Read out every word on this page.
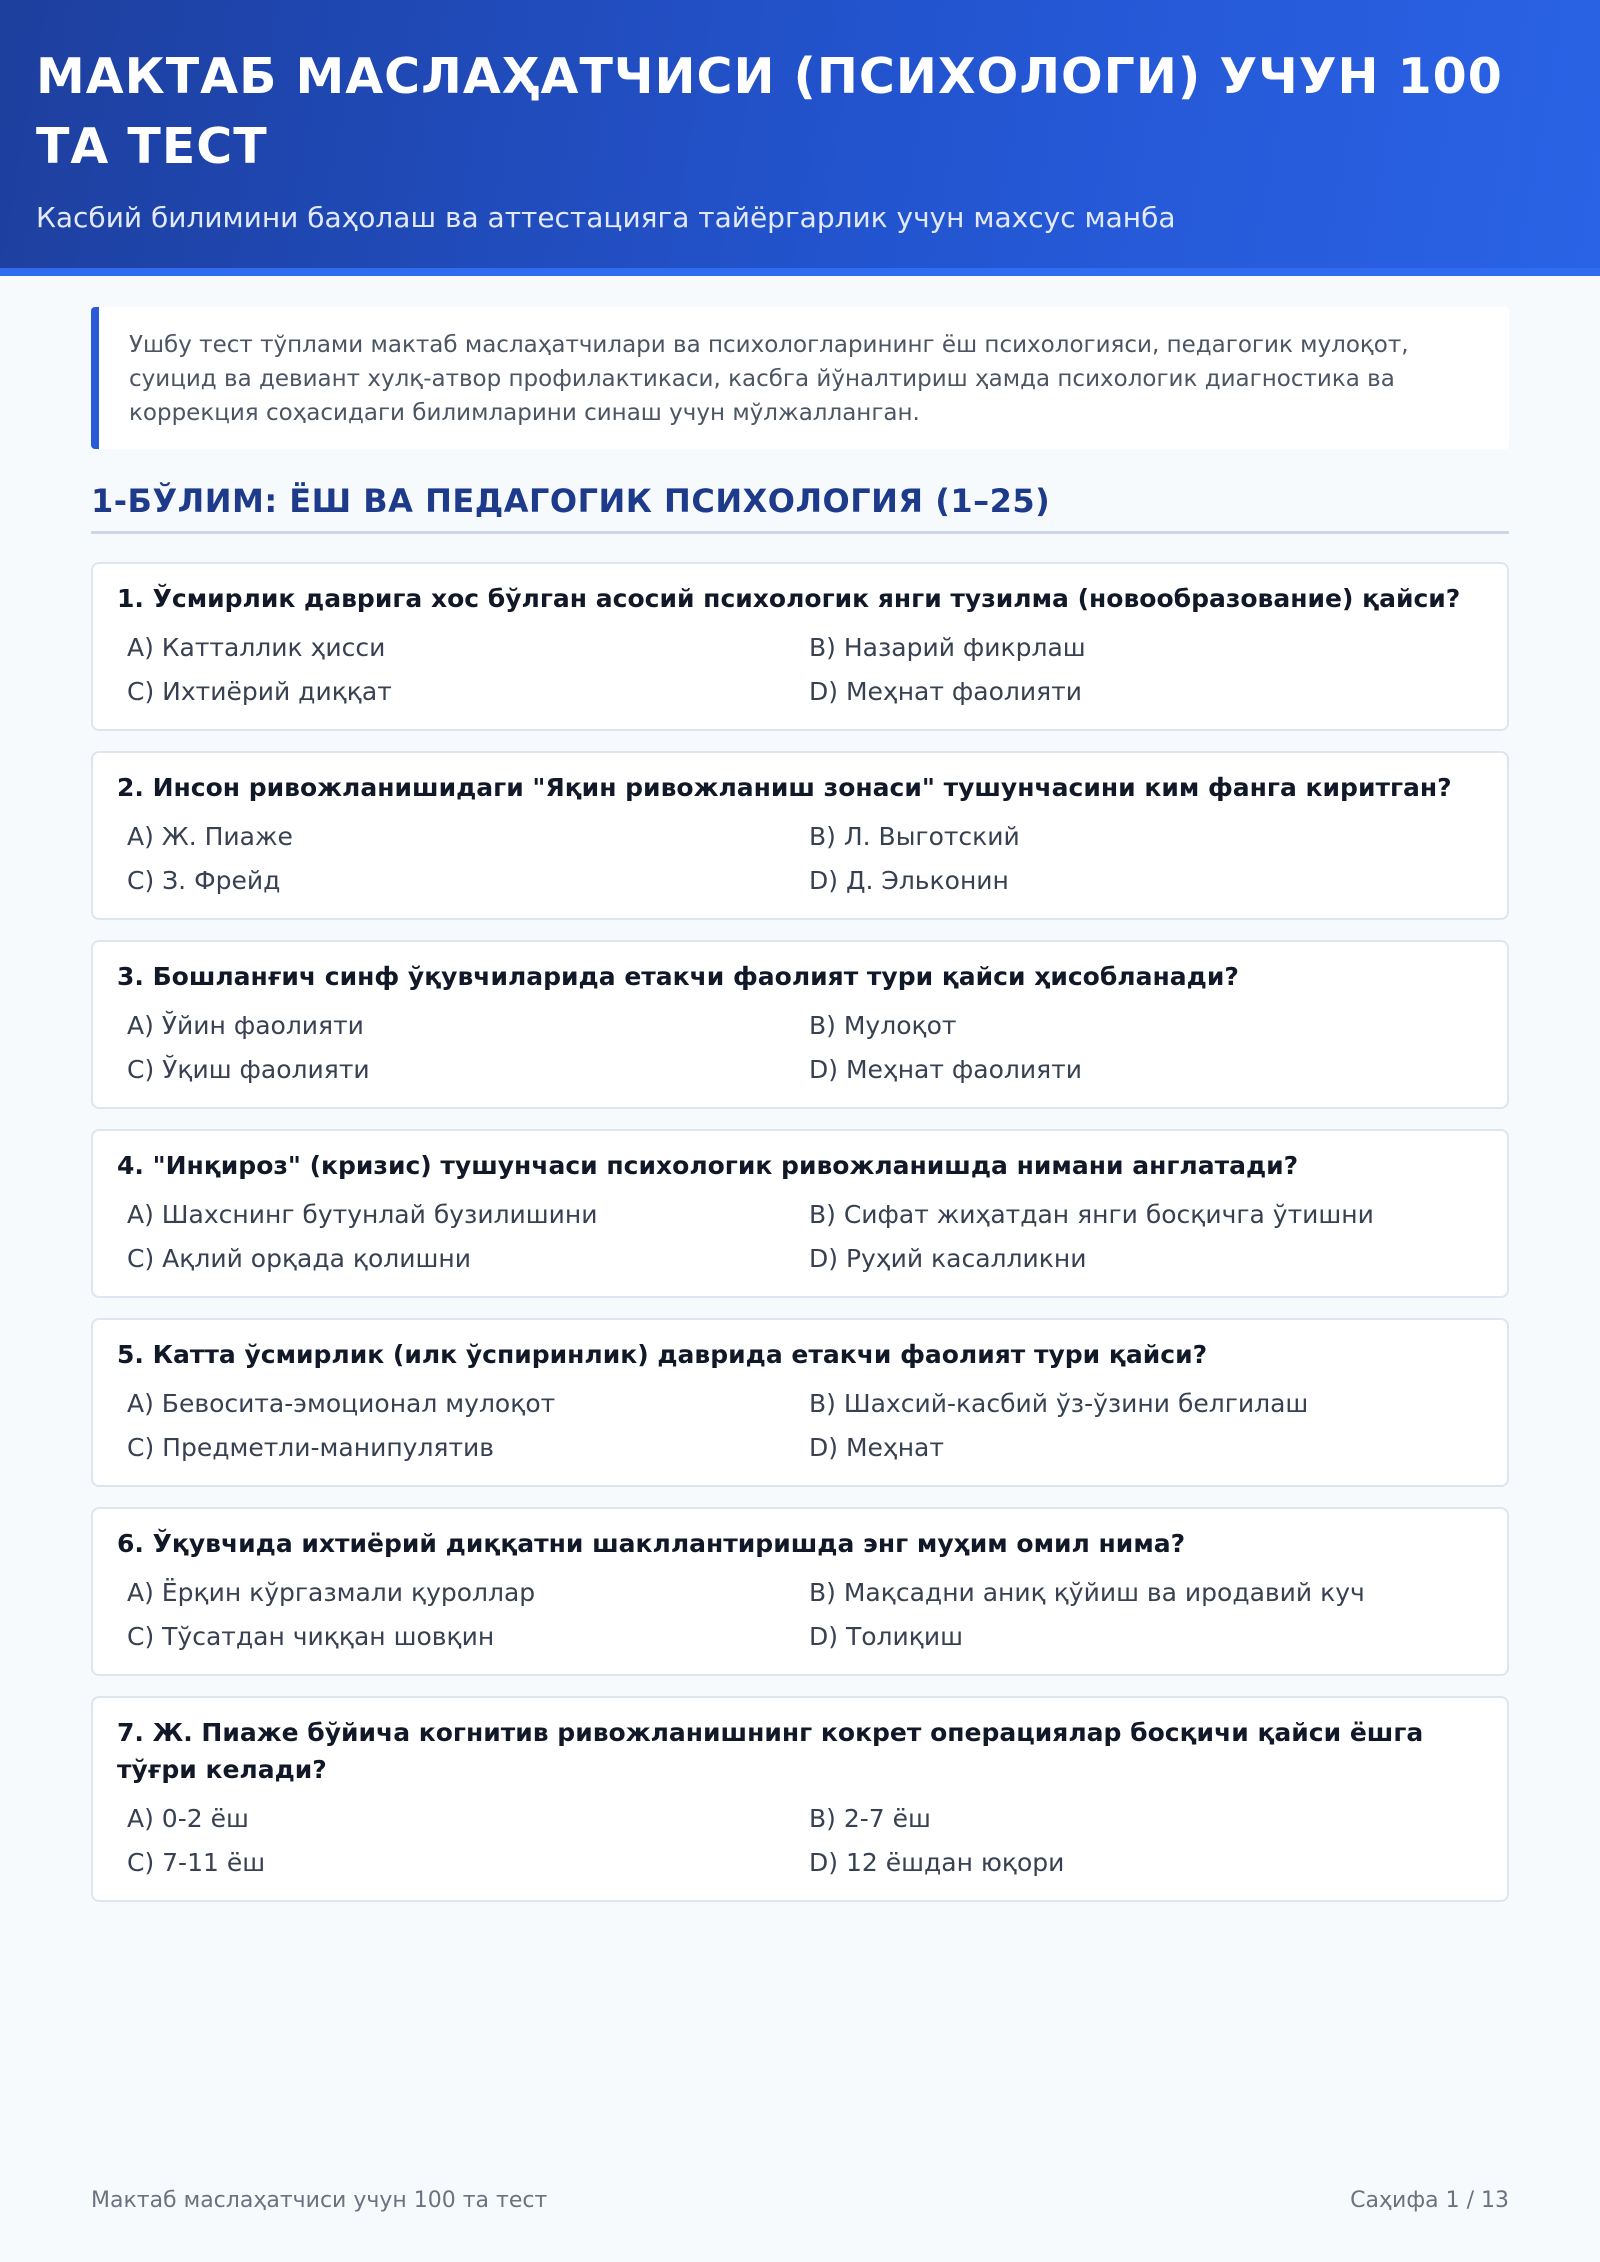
МАКТАБ МАСЛАҲАТЧИСИ (ПСИХОЛОГИ) УЧУН 100 ТА ТЕСТ
Касбий билимини баҳолаш ва аттестацияга тайёргарлик учун махсус манба
Ушбу тест тўплами мактаб маслаҳатчилари ва психологларининг ёш психологияси, педагогик мулоқот, суицид ва девиант хулқ-атвор профилактикаси, касбга йўналтириш ҳамда психологик диагностика ва коррекция соҳасидаги билимларини синаш учун мўлжалланган.
1-БЎЛИМ: ЁШ ВА ПЕДАГОГИК ПСИХОЛОГИЯ (1–25)

1. Ўсмирлик даврига хос бўлган асосий психологик янги тузилма (новообразование) қайси?

A) Катталлик ҳисси	B) Назарий фикрлаш
C) Ихтиёрий диққат	D) Меҳнат фаолияти

2. Инсон ривожланишидаги "Яқин ривожланиш зонаси" тушунчасини ким фанга киритган?

A) Ж. Пиаже	B) Л. Выготский
C) З. Фрейд	D) Д. Эльконин

3. Бошланғич синф ўқувчиларида етакчи фаолият тури қайси ҳисобланади?

A) Ўйин фаолияти	B) Мулоқот
C) Ўқиш фаолияти	D) Меҳнат фаолияти

4. "Инқироз" (кризис) тушунчаси психологик ривожланишда нимани англатади?

A) Шахснинг бутунлай бузилишини	B) Сифат жиҳатдан янги босқичга ўтишни
C) Ақлий орқада қолишни	D) Руҳий касалликни

5. Катта ўсмирлик (илк ўспиринлик) даврида етакчи фаолият тури қайси?

A) Бевосита-эмоционал мулоқот	B) Шахсий-касбий ўз-ўзини белгилаш
C) Предметли-манипулятив	D) Меҳнат

6. Ўқувчида ихтиёрий диққатни шакллантиришда энг муҳим омил нима?

A) Ёрқин кўргазмали қуроллар	B) Мақсадни аниқ қўйиш ва иродавий куч
C) Тўсатдан чиққан шовқин	D) Толиқиш

7. Ж. Пиаже бўйича когнитив ривожланишнинг кокрет операциялар босқичи қайси ёшга тўғри келади?

A) 0-2 ёш	B) 2-7 ёш
C) 7-11 ёш	D) 12 ёшдан юқори
Мактаб маслаҳатчиси учун 100 та тест	Саҳифа 1 / 13
